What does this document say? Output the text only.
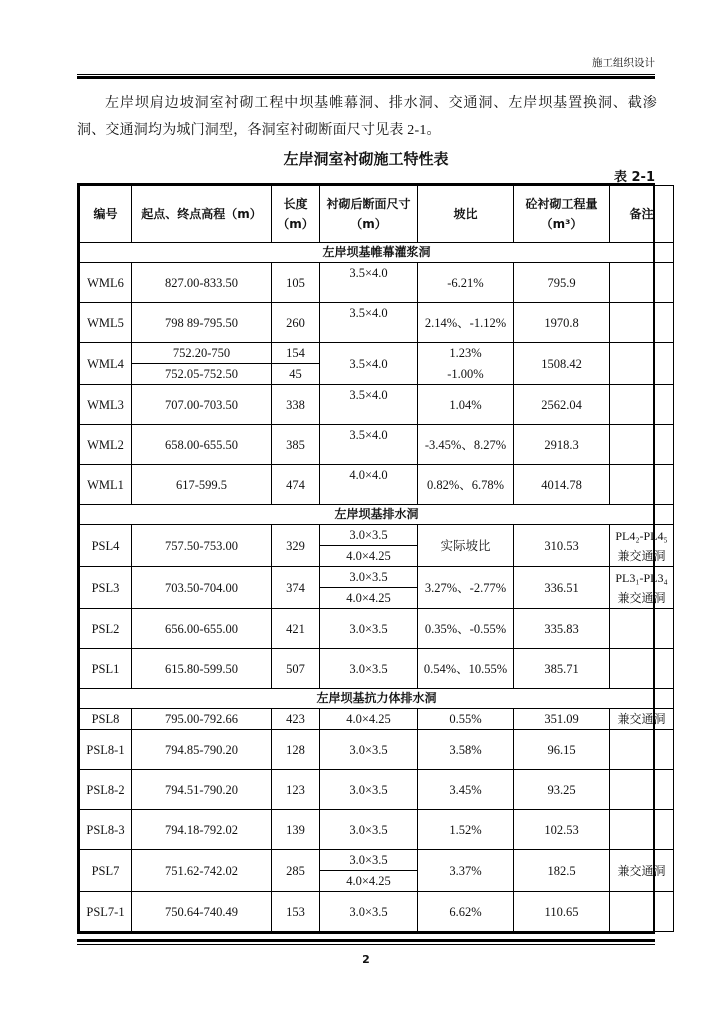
施工组织设计

左岸坝肩边坡洞室衬砌工程中坝基帷幕洞、排水洞、交通洞、左岸坝基置换洞、截渗洞、交通洞均为城门洞型，各洞室衬砌断面尺寸见表 2-1。

左岸洞室衬砌施工特性表
表 2-1
编号	起点、终点高程（m）	长度（m）	衬砌后断面尺寸（m）	坡比	砼衬砌工程量（m³）	备注
左岸坝基帷幕灌浆洞						
WML6	827.00-833.50	105	3.5×4.0	-6.21%	795.9	
WML5	798 89-795.50	260	3.5×4.0	2.14%、-1.12%	1970.8	
WML4	752.20-750	154	3.5×4.0	1.23%	1508.42	
	752.05-752.50	45		-1.00%		
WML3	707.00-703.50	338	3.5×4.0	1.04%	2562.04	
WML2	658.00-655.50	385	3.5×4.0	-3.45%、8.27%	2918.3	
WML1	617-599.5	474	4.0×4.0	0.82%、6.78%	4014.78	
左岸坝基排水洞						
PSL4	757.50-753.00	329	3.0×3.5	实际坡比	310.53	PL4₂-PL4₅兼交通洞
			4.0×4.25			
PSL3	703.50-704.00	374	3.0×3.5	3.27%、-2.77%	336.51	PL3₁-PL3₄兼交通洞
			4.0×4.25			
PSL2	656.00-655.00	421	3.0×3.5	0.35%、-0.55%	335.83	
PSL1	615.80-599.50	507	3.0×3.5	0.54%、10.55%	385.71	
左岸坝基抗力体排水洞						
PSL8	795.00-792.66	423	4.0×4.25	0.55%	351.09	兼交通洞
PSL8-1	794.85-790.20	128	3.0×3.5	3.58%	96.15	
PSL8-2	794.51-790.20	123	3.0×3.5	3.45%	93.25	
PSL8-3	794.18-792.02	139	3.0×3.5	1.52%	102.53	
PSL7	751.62-742.02	285	3.0×3.5	3.37%	182.5	兼交通洞
			4.0×4.25			
PSL7-1	750.64-740.49	153	3.0×3.5	6.62%	110.65	
2
